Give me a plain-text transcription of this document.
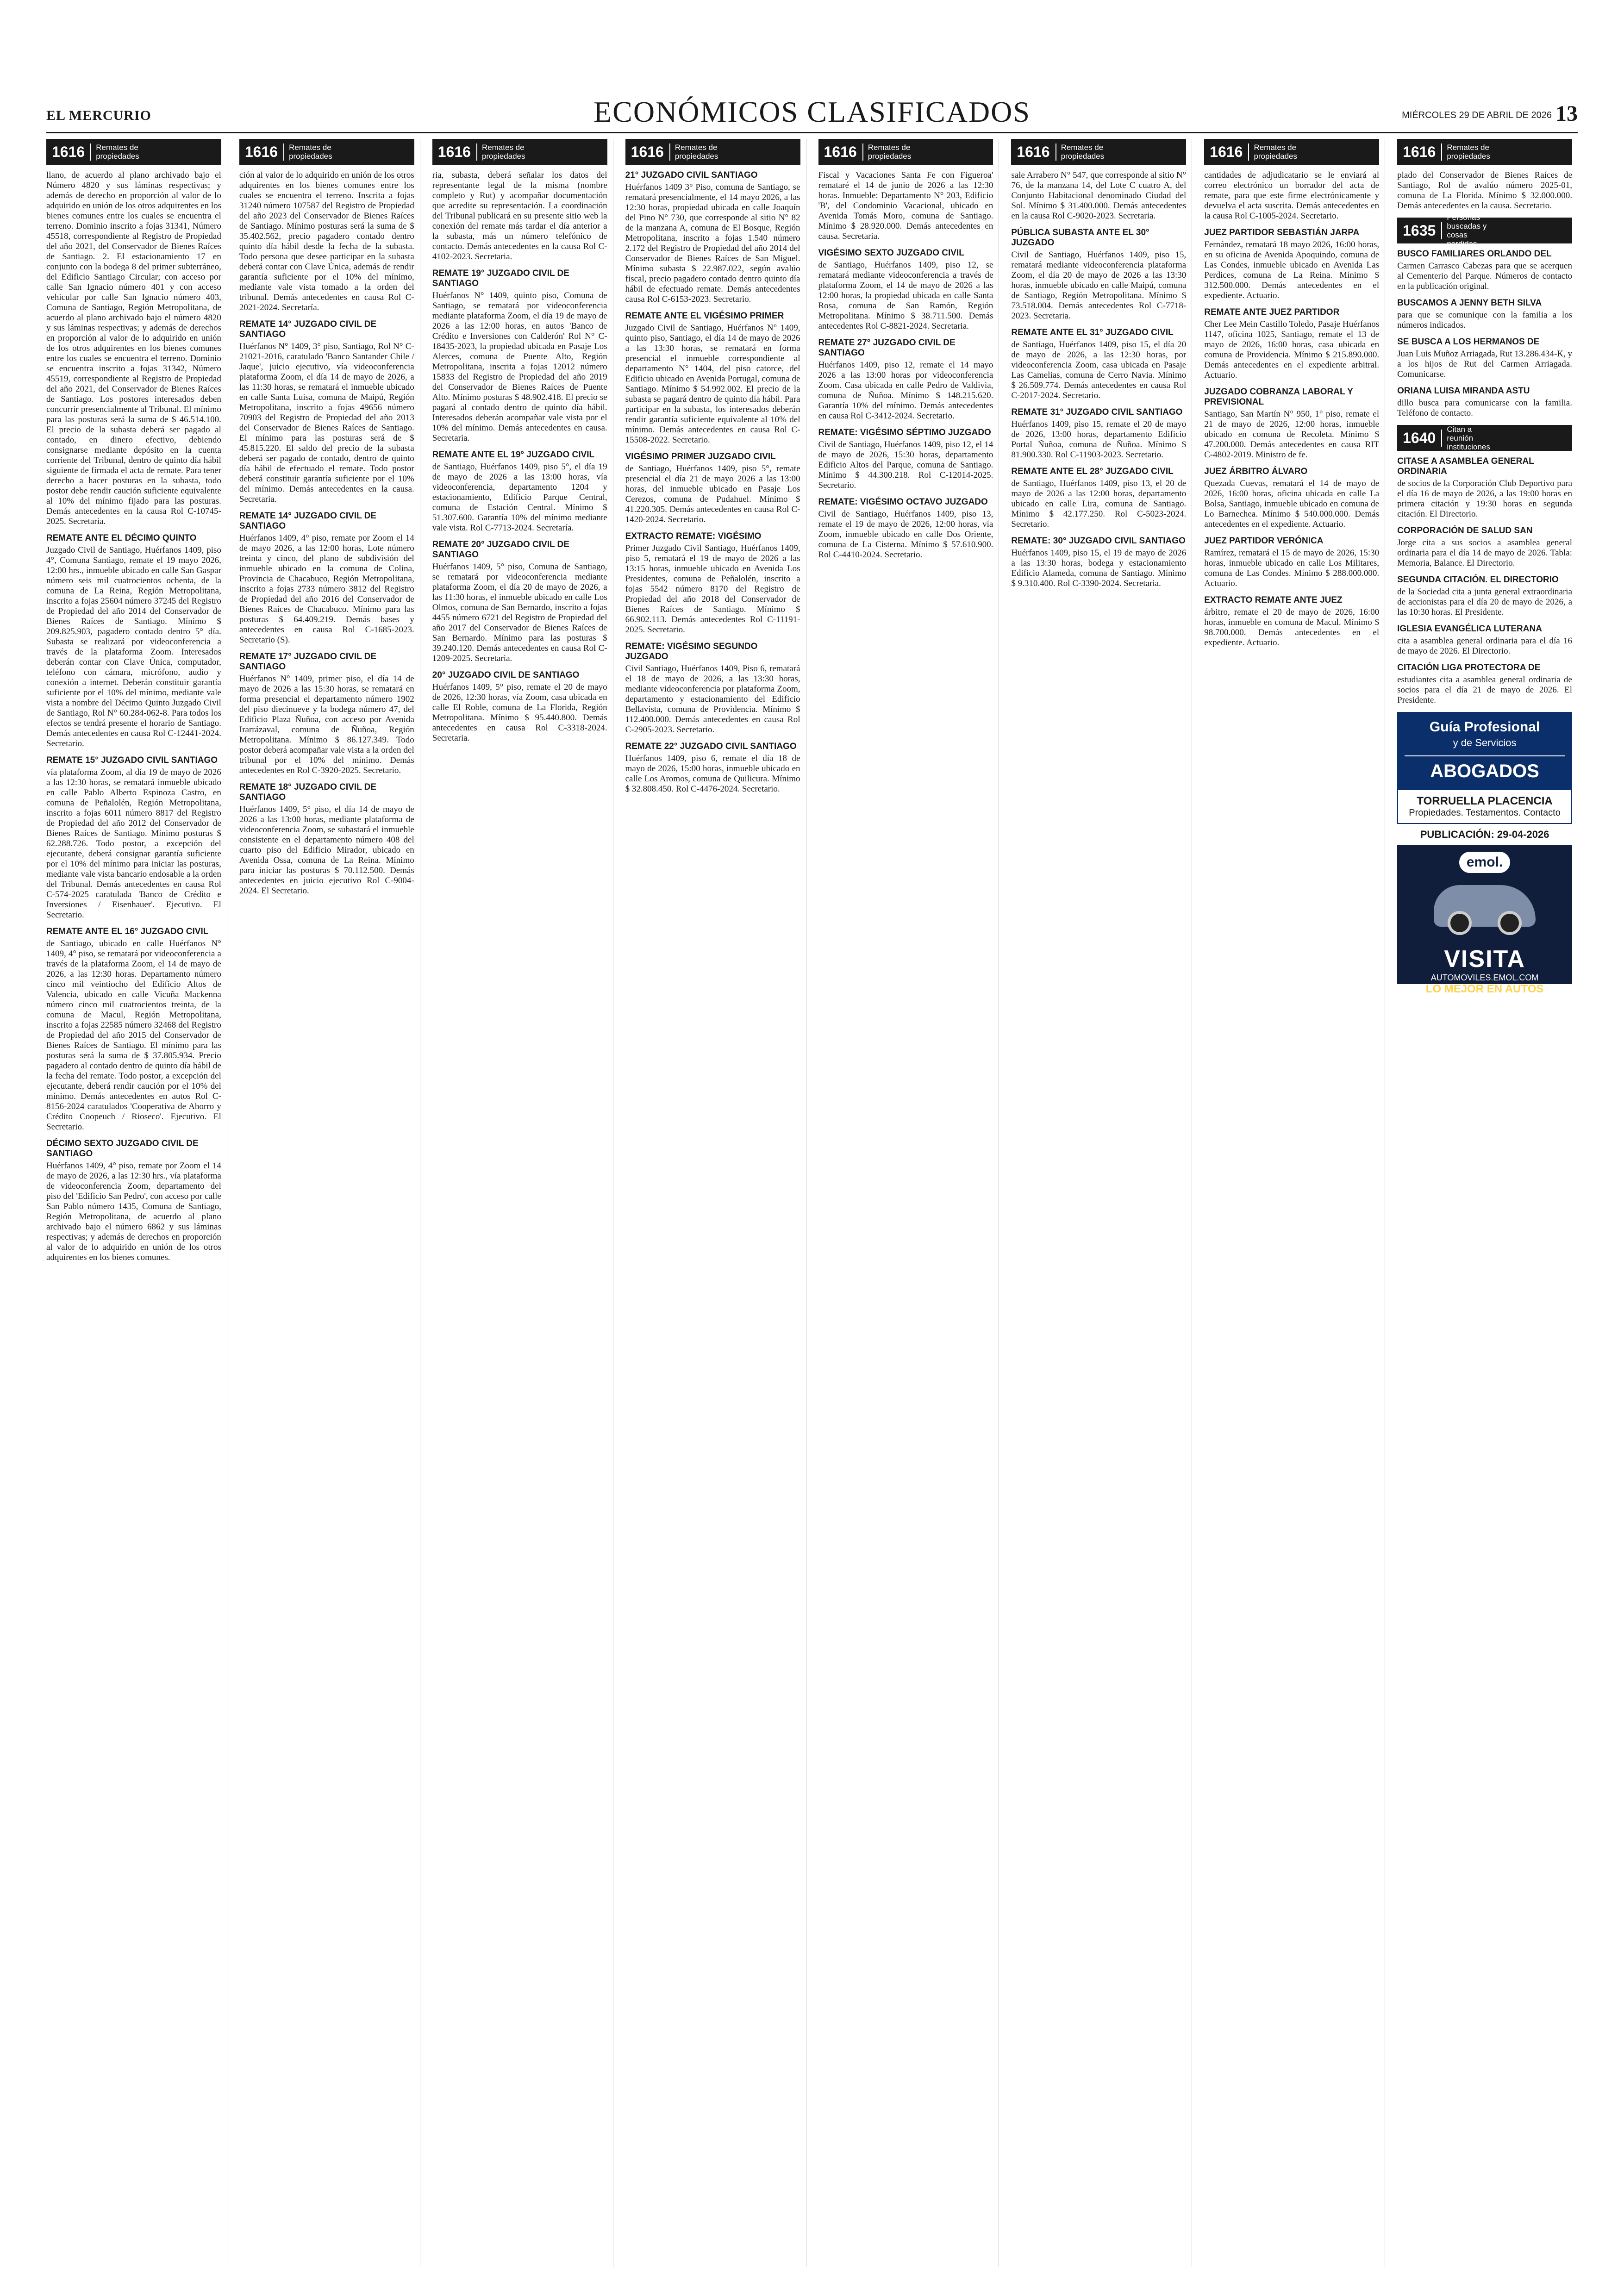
EL MERCURIO	ECONÓMICOS CLASIFICADOS	MIÉRCOLES 29 DE ABRIL DE 2026 13
1616	Remates de propiedades

llano, de acuerdo al plano archivado bajo el Número 4820 y sus láminas respectivas; y además de derecho en proporción al valor de lo adquirido en unión de los otros adquirentes en los bienes comunes entre los cuales se encuentra el terreno. Dominio inscrito a fojas 31341, Número 45518, correspondiente al Registro de Propiedad del año 2021, del Conservador de Bienes Raíces de Santiago. 2. El estacionamiento 17 en conjunto con la bodega 8 del primer subterráneo, del Edificio Santiago Circular; con acceso por calle San Ignacio número 401 y con acceso vehicular por calle San Ignacio número 403, Comuna de Santiago, Región Metropolitana, de acuerdo al plano archivado bajo el número 4820 y sus láminas respectivas; y además de derechos en proporción al valor de lo adquirido en unión de los otros adquirentes en los bienes comunes entre los cuales se encuentra el terreno. Dominio se encuentra inscrito a fojas 31342, Número 45519, correspondiente al Registro de Propiedad del año 2021, del Conservador de Bienes Raíces de Santiago. Los postores interesados deben concurrir presencialmente al Tribunal. El mínimo para las posturas será la suma de $ 46.514.100. El precio de la subasta deberá ser pagado al contado, en dinero efectivo, debiendo consignarse mediante depósito en la cuenta corriente del Tribunal, dentro de quinto día hábil siguiente de firmada el acta de remate. Para tener derecho a hacer posturas en la subasta, todo postor debe rendir caución suficiente equivalente al 10% del mínimo fijado para las posturas. Demás antecedentes en la causa Rol C-10745-2025. Secretaria.

REMATE ANTE EL DÉCIMO QUINTO

Juzgado Civil de Santiago, Huérfanos 1409, piso 4°, Comuna Santiago, remate el 19 mayo 2026, 12:00 hrs., inmueble ubicado en calle San Gaspar número seis mil cuatrocientos ochenta, de la comuna de La Reina, Región Metropolitana, inscrito a fojas 25604 número 37245 del Registro de Propiedad del año 2014 del Conservador de Bienes Raíces de Santiago. Mínimo $ 209.825.903, pagadero contado dentro 5° día. Subasta se realizará por videoconferencia a través de la plataforma Zoom. Interesados deberán contar con Clave Única, computador, teléfono con cámara, micrófono, audio y conexión a internet. Deberán constituir garantía suficiente por el 10% del mínimo, mediante vale vista a nombre del Décimo Quinto Juzgado Civil de Santiago, Rol N° 60.284-062-8. Para todos los efectos se tendrá presente el horario de Santiago. Demás antecedentes en causa Rol C-12441-2024. Secretario.

REMATE 15° JUZGADO CIVIL SANTIAGO

vía plataforma Zoom, al día 19 de mayo de 2026 a las 12:30 horas, se rematará inmueble ubicado en calle Pablo Alberto Espinoza Castro, en comuna de Peñalolén, Región Metropolitana, inscrito a fojas 6011 número 8817 del Registro de Propiedad del año 2012 del Conservador de Bienes Raíces de Santiago. Mínimo posturas $ 62.288.726. Todo postor, a excepción del ejecutante, deberá consignar garantía suficiente por el 10% del mínimo para iniciar las posturas, mediante vale vista bancario endosable a la orden del Tribunal. Demás antecedentes en causa Rol C-574-2025 caratulada 'Banco de Crédito e Inversiones / Eisenhauer'. Ejecutivo. El Secretario.

REMATE ANTE EL 16° JUZGADO CIVIL

de Santiago, ubicado en calle Huérfanos N° 1409, 4° piso, se rematará por videoconferencia a través de la plataforma Zoom, el 14 de mayo de 2026, a las 12:30 horas. Departamento número cinco mil veintiocho del Edificio Altos de Valencia, ubicado en calle Vicuña Mackenna número cinco mil cuatrocientos treinta, de la comuna de Macul, Región Metropolitana, inscrito a fojas 22585 número 32468 del Registro de Propiedad del año 2015 del Conservador de Bienes Raíces de Santiago. El mínimo para las posturas será la suma de $ 37.805.934. Precio pagadero al contado dentro de quinto día hábil de la fecha del remate. Todo postor, a excepción del ejecutante, deberá rendir caución por el 10% del mínimo. Demás antecedentes en autos Rol C-8156-2024 caratulados 'Cooperativa de Ahorro y Crédito Coopeuch / Rioseco'. Ejecutivo. El Secretario.

DÉCIMO SEXTO JUZGADO CIVIL DE SANTIAGO

Huérfanos 1409, 4° piso, remate por Zoom el 14 de mayo de 2026, a las 12:30 hrs., vía plataforma de videoconferencia Zoom, departamento del piso del 'Edificio San Pedro', con acceso por calle San Pablo número 1435, Comuna de Santiago, Región Metropolitana, de acuerdo al plano archivado bajo el número 6862 y sus láminas respectivas; y además de derechos en proporción al valor de lo adquirido en unión de los otros adquirentes en los bienes comunes.

1616	Remates de propiedades

ción al valor de lo adquirido en unión de los otros adquirentes en los bienes comunes entre los cuales se encuentra el terreno. Inscrita a fojas 31240 número 107587 del Registro de Propiedad del año 2023 del Conservador de Bienes Raíces de Santiago. Mínimo posturas será la suma de $ 35.402.562, precio pagadero contado dentro quinto día hábil desde la fecha de la subasta. Todo persona que desee participar en la subasta deberá contar con Clave Única, además de rendir garantía suficiente por el 10% del mínimo, mediante vale vista tomado a la orden del tribunal. Demás antecedentes en causa Rol C-2021-2024. Secretaría.

REMATE 14° JUZGADO CIVIL DE SANTIAGO

Huérfanos N° 1409, 3° piso, Santiago, Rol N° C-21021-2016, caratulado 'Banco Santander Chile / Jaque', juicio ejecutivo, vía videoconferencia plataforma Zoom, el día 14 de mayo de 2026, a las 11:30 horas, se rematará el inmueble ubicado en calle Santa Luisa, comuna de Maipú, Región Metropolitana, inscrito a fojas 49656 número 70903 del Registro de Propiedad del año 2013 del Conservador de Bienes Raíces de Santiago. El mínimo para las posturas será de $ 45.815.220. El saldo del precio de la subasta deberá ser pagado de contado, dentro de quinto día hábil de efectuado el remate. Todo postor deberá constituir garantía suficiente por el 10% del mínimo. Demás antecedentes en la causa. Secretaria.

REMATE 14° JUZGADO CIVIL DE SANTIAGO

Huérfanos 1409, 4° piso, remate por Zoom el 14 de mayo 2026, a las 12:00 horas, Lote número treinta y cinco, del plano de subdivisión del inmueble ubicado en la comuna de Colina, Provincia de Chacabuco, Región Metropolitana, inscrito a fojas 2733 número 3812 del Registro de Propiedad del año 2016 del Conservador de Bienes Raíces de Chacabuco. Mínimo para las posturas $ 64.409.219. Demás bases y antecedentes en causa Rol C-1685-2023. Secretario (S).

REMATE 17° JUZGADO CIVIL DE SANTIAGO

Huérfanos N° 1409, primer piso, el día 14 de mayo de 2026 a las 15:30 horas, se rematará en forma presencial el departamento número 1902 del piso diecinueve y la bodega número 47, del Edificio Plaza Ñuñoa, con acceso por Avenida Irarrázaval, comuna de Ñuñoa, Región Metropolitana. Mínimo $ 86.127.349. Todo postor deberá acompañar vale vista a la orden del tribunal por el 10% del mínimo. Demás antecedentes en Rol C-3920-2025. Secretario.

REMATE 18° JUZGADO CIVIL DE SANTIAGO

Huérfanos 1409, 5° piso, el día 14 de mayo de 2026 a las 13:00 horas, mediante plataforma de videoconferencia Zoom, se subastará el inmueble consistente en el departamento número 408 del cuarto piso del Edificio Mirador, ubicado en Avenida Ossa, comuna de La Reina. Mínimo para iniciar las posturas $ 70.112.500. Demás antecedentes en juicio ejecutivo Rol C-9004-2024. El Secretario.

1616	Remates de propiedades

ria, subasta, deberá señalar los datos del representante legal de la misma (nombre completo y Rut) y acompañar documentación que acredite su representación. La coordinación del Tribunal publicará en su presente sitio web la conexión del remate más tardar el día anterior a la subasta, más un número telefónico de contacto. Demás antecedentes en la causa Rol C-4102-2023. Secretaria.

REMATE 19° JUZGADO CIVIL DE SANTIAGO

Huérfanos N° 1409, quinto piso, Comuna de Santiago, se rematará por videoconferencia mediante plataforma Zoom, el día 19 de mayo de 2026 a las 12:00 horas, en autos 'Banco de Crédito e Inversiones con Calderón' Rol N° C-18435-2023, la propiedad ubicada en Pasaje Los Alerces, comuna de Puente Alto, Región Metropolitana, inscrita a fojas 12012 número 15833 del Registro de Propiedad del año 2019 del Conservador de Bienes Raíces de Puente Alto. Mínimo posturas $ 48.902.418. El precio se pagará al contado dentro de quinto día hábil. Interesados deberán acompañar vale vista por el 10% del mínimo. Demás antecedentes en causa. Secretaria.

REMATE ANTE EL 19° JUZGADO CIVIL

de Santiago, Huérfanos 1409, piso 5°, el día 19 de mayo de 2026 a las 13:00 horas, vía videoconferencia, departamento 1204 y estacionamiento, Edificio Parque Central, comuna de Estación Central. Mínimo $ 51.307.600. Garantía 10% del mínimo mediante vale vista. Rol C-7713-2024. Secretaría.

REMATE 20° JUZGADO CIVIL DE SANTIAGO

Huérfanos 1409, 5° piso, Comuna de Santiago, se rematará por videoconferencia mediante plataforma Zoom, el día 20 de mayo de 2026, a las 11:30 horas, el inmueble ubicado en calle Los Olmos, comuna de San Bernardo, inscrito a fojas 4455 número 6721 del Registro de Propiedad del año 2017 del Conservador de Bienes Raíces de San Bernardo. Mínimo para las posturas $ 39.240.120. Demás antecedentes en causa Rol C-1209-2025. Secretaria.

20° JUZGADO CIVIL DE SANTIAGO

Huérfanos 1409, 5° piso, remate el 20 de mayo de 2026, 12:30 horas, vía Zoom, casa ubicada en calle El Roble, comuna de La Florida, Región Metropolitana. Mínimo $ 95.440.800. Demás antecedentes en causa Rol C-3318-2024. Secretaria.

1616	Remates de propiedades

21° JUZGADO CIVIL SANTIAGO

Huérfanos 1409 3° Piso, comuna de Santiago, se rematará presencialmente, el 14 mayo 2026, a las 12:30 horas, propiedad ubicada en calle Joaquín del Pino N° 730, que corresponde al sitio N° 82 de la manzana A, comuna de El Bosque, Región Metropolitana, inscrito a fojas 1.540 número 2.172 del Registro de Propiedad del año 2014 del Conservador de Bienes Raíces de San Miguel. Mínimo subasta $ 22.987.022, según avalúo fiscal, precio pagadero contado dentro quinto día hábil de efectuado remate. Demás antecedentes causa Rol C-6153-2023. Secretario.

REMATE ANTE EL VIGÉSIMO PRIMER

Juzgado Civil de Santiago, Huérfanos N° 1409, quinto piso, Santiago, el día 14 de mayo de 2026 a las 13:30 horas, se rematará en forma presencial el inmueble correspondiente al departamento N° 1404, del piso catorce, del Edificio ubicado en Avenida Portugal, comuna de Santiago. Mínimo $ 54.992.002. El precio de la subasta se pagará dentro de quinto día hábil. Para participar en la subasta, los interesados deberán rendir garantía suficiente equivalente al 10% del mínimo. Demás antecedentes en causa Rol C-15508-2022. Secretario.

VIGÉSIMO PRIMER JUZGADO CIVIL

de Santiago, Huérfanos 1409, piso 5°, remate presencial el día 21 de mayo 2026 a las 13:00 horas, del inmueble ubicado en Pasaje Los Cerezos, comuna de Pudahuel. Mínimo $ 41.220.305. Demás antecedentes en causa Rol C-1420-2024. Secretario.

EXTRACTO REMATE: VIGÉSIMO

Primer Juzgado Civil Santiago, Huérfanos 1409, piso 5, rematará el 19 de mayo de 2026 a las 13:15 horas, inmueble ubicado en Avenida Los Presidentes, comuna de Peñalolén, inscrito a fojas 5542 número 8170 del Registro de Propiedad del año 2018 del Conservador de Bienes Raíces de Santiago. Mínimo $ 66.902.113. Demás antecedentes Rol C-11191-2025. Secretario.

REMATE: VIGÉSIMO SEGUNDO JUZGADO

Civil Santiago, Huérfanos 1409, Piso 6, rematará el 18 de mayo de 2026, a las 13:30 horas, mediante videoconferencia por plataforma Zoom, departamento y estacionamiento del Edificio Bellavista, comuna de Providencia. Mínimo $ 112.400.000. Demás antecedentes en causa Rol C-2905-2023. Secretario.

REMATE 22° JUZGADO CIVIL SANTIAGO

Huérfanos 1409, piso 6, remate el día 18 de mayo de 2026, 15:00 horas, inmueble ubicado en calle Los Aromos, comuna de Quilicura. Mínimo $ 32.808.450. Rol C-4476-2024. Secretario.

1616	Remates de propiedades

Fiscal y Vacaciones Santa Fe con Figueroa' remataré el 14 de junio de 2026 a las 12:30 horas. Inmueble: Departamento N° 203, Edificio 'B', del Condominio Vacacional, ubicado en Avenida Tomás Moro, comuna de Santiago. Mínimo $ 28.920.000. Demás antecedentes en causa. Secretaria.

VIGÉSIMO SEXTO JUZGADO CIVIL

de Santiago, Huérfanos 1409, piso 12, se rematará mediante videoconferencia a través de plataforma Zoom, el 14 de mayo de 2026 a las 12:00 horas, la propiedad ubicada en calle Santa Rosa, comuna de San Ramón, Región Metropolitana. Mínimo $ 38.711.500. Demás antecedentes Rol C-8821-2024. Secretaria.

REMATE 27° JUZGADO CIVIL DE SANTIAGO

Huérfanos 1409, piso 12, remate el 14 mayo 2026 a las 13:00 horas por videoconferencia Zoom. Casa ubicada en calle Pedro de Valdivia, comuna de Ñuñoa. Mínimo $ 148.215.620. Garantía 10% del mínimo. Demás antecedentes en causa Rol C-3412-2024. Secretario.

REMATE: VIGÉSIMO SÉPTIMO JUZGADO

Civil de Santiago, Huérfanos 1409, piso 12, el 14 de mayo de 2026, 15:30 horas, departamento Edificio Altos del Parque, comuna de Santiago. Mínimo $ 44.300.218. Rol C-12014-2025. Secretario.

REMATE: VIGÉSIMO OCTAVO JUZGADO

Civil de Santiago, Huérfanos 1409, piso 13, remate el 19 de mayo de 2026, 12:00 horas, vía Zoom, inmueble ubicado en calle Dos Oriente, comuna de La Cisterna. Mínimo $ 57.610.900. Rol C-4410-2024. Secretario.

1616	Remates de propiedades

sale Arrabero N° 547, que corresponde al sitio N° 76, de la manzana 14, del Lote C cuatro A, del Conjunto Habitacional denominado Ciudad del Sol. Mínimo $ 31.400.000. Demás antecedentes en la causa Rol C-9020-2023. Secretaria.

PÚBLICA SUBASTA ANTE EL 30° JUZGADO

Civil de Santiago, Huérfanos 1409, piso 15, rematará mediante videoconferencia plataforma Zoom, el día 20 de mayo de 2026 a las 13:30 horas, inmueble ubicado en calle Maipú, comuna de Santiago, Región Metropolitana. Mínimo $ 73.518.004. Demás antecedentes Rol C-7718-2023. Secretaria.

REMATE ANTE EL 31° JUZGADO CIVIL

de Santiago, Huérfanos 1409, piso 15, el día 20 de mayo de 2026, a las 12:30 horas, por videoconferencia Zoom, casa ubicada en Pasaje Las Camelias, comuna de Cerro Navia. Mínimo $ 26.509.774. Demás antecedentes en causa Rol C-2017-2024. Secretario.

REMATE 31° JUZGADO CIVIL SANTIAGO

Huérfanos 1409, piso 15, remate el 20 de mayo de 2026, 13:00 horas, departamento Edificio Portal Ñuñoa, comuna de Ñuñoa. Mínimo $ 81.900.330. Rol C-11903-2023. Secretario.

REMATE ANTE EL 28° JUZGADO CIVIL

de Santiago, Huérfanos 1409, piso 13, el 20 de mayo de 2026 a las 12:00 horas, departamento ubicado en calle Lira, comuna de Santiago. Mínimo $ 42.177.250. Rol C-5023-2024. Secretario.

REMATE: 30° JUZGADO CIVIL SANTIAGO

Huérfanos 1409, piso 15, el 19 de mayo de 2026 a las 13:30 horas, bodega y estacionamiento Edificio Alameda, comuna de Santiago. Mínimo $ 9.310.400. Rol C-3390-2024. Secretaria.

1616	Remates de propiedades

cantidades de adjudicatario se le enviará al correo electrónico un borrador del acta de remate, para que este firme electrónicamente y devuelva el acta suscrita. Demás antecedentes en la causa Rol C-1005-2024. Secretario.

JUEZ PARTIDOR SEBASTIÁN JARPA

Fernández, rematará 18 mayo 2026, 16:00 horas, en su oficina de Avenida Apoquindo, comuna de Las Condes, inmueble ubicado en Avenida Las Perdices, comuna de La Reina. Mínimo $ 312.500.000. Demás antecedentes en el expediente. Actuario.

REMATE ANTE JUEZ PARTIDOR

Cher Lee Mein Castillo Toledo, Pasaje Huérfanos 1147, oficina 1025, Santiago, remate el 13 de mayo de 2026, 16:00 horas, casa ubicada en comuna de Providencia. Mínimo $ 215.890.000. Demás antecedentes en el expediente arbitral. Actuario.

JUZGADO COBRANZA LABORAL Y PREVISIONAL

Santiago, San Martín N° 950, 1° piso, remate el 21 de mayo de 2026, 12:00 horas, inmueble ubicado en comuna de Recoleta. Mínimo $ 47.200.000. Demás antecedentes en causa RIT C-4802-2019. Ministro de fe.

JUEZ ÁRBITRO ÁLVARO

Quezada Cuevas, rematará el 14 de mayo de 2026, 16:00 horas, oficina ubicada en calle La Bolsa, Santiago, inmueble ubicado en comuna de Lo Barnechea. Mínimo $ 540.000.000. Demás antecedentes en el expediente. Actuario.

JUEZ PARTIDOR VERÓNICA

Ramírez, rematará el 15 de mayo de 2026, 15:30 horas, inmueble ubicado en calle Los Militares, comuna de Las Condes. Mínimo $ 288.000.000. Actuario.

EXTRACTO REMATE ANTE JUEZ

árbitro, remate el 20 de mayo de 2026, 16:00 horas, inmueble en comuna de Macul. Mínimo $ 98.700.000. Demás antecedentes en el expediente. Actuario.

1616	Remates de propiedades

plado del Conservador de Bienes Raíces de Santiago, Rol de avalúo número 2025-01, comuna de La Florida. Mínimo $ 32.000.000. Demás antecedentes en la causa. Secretario.

1635
Personas buscadas y cosas perdidas

BUSCO FAMILIARES ORLANDO DEL

Carmen Carrasco Cabezas para que se acerquen al Cementerio del Parque. Números de contacto en la publicación original.

BUSCAMOS A JENNY BETH SILVA

para que se comunique con la familia a los números indicados.

SE BUSCA A LOS HERMANOS DE

Juan Luis Muñoz Arriagada, Rut 13.286.434-K, y a los hijos de Rut del Carmen Arriagada. Comunicarse.

ORIANA LUISA MIRANDA ASTU

dillo busca para comunicarse con la familia. Teléfono de contacto.

1640
Citan a reunión instituciones

CITASE A ASAMBLEA GENERAL ORDINARIA

de socios de la Corporación Club Deportivo para el día 16 de mayo de 2026, a las 19:00 horas en primera citación y 19:30 horas en segunda citación. El Directorio.

CORPORACIÓN DE SALUD SAN

Jorge cita a sus socios a asamblea general ordinaria para el día 14 de mayo de 2026. Tabla: Memoria, Balance. El Directorio.

SEGUNDA CITACIÓN. EL DIRECTORIO

de la Sociedad cita a junta general extraordinaria de accionistas para el día 20 de mayo de 2026, a las 10:30 horas. El Presidente.

IGLESIA EVANGÉLICA LUTERANA

cita a asamblea general ordinaria para el día 16 de mayo de 2026. El Directorio.

CITACIÓN LIGA PROTECTORA DE

estudiantes cita a asamblea general ordinaria de socios para el día 21 de mayo de 2026. El Presidente.

Guía Profesional
y de Servicios
ABOGADOS
TORRUELLA PLACENCIA
Propiedades. Testamentos. Contacto
PUBLICACIÓN: 29-04-2026
emol.
VISITA
AUTOMOVILES.EMOL.COM
LO MEJOR EN AUTOS
